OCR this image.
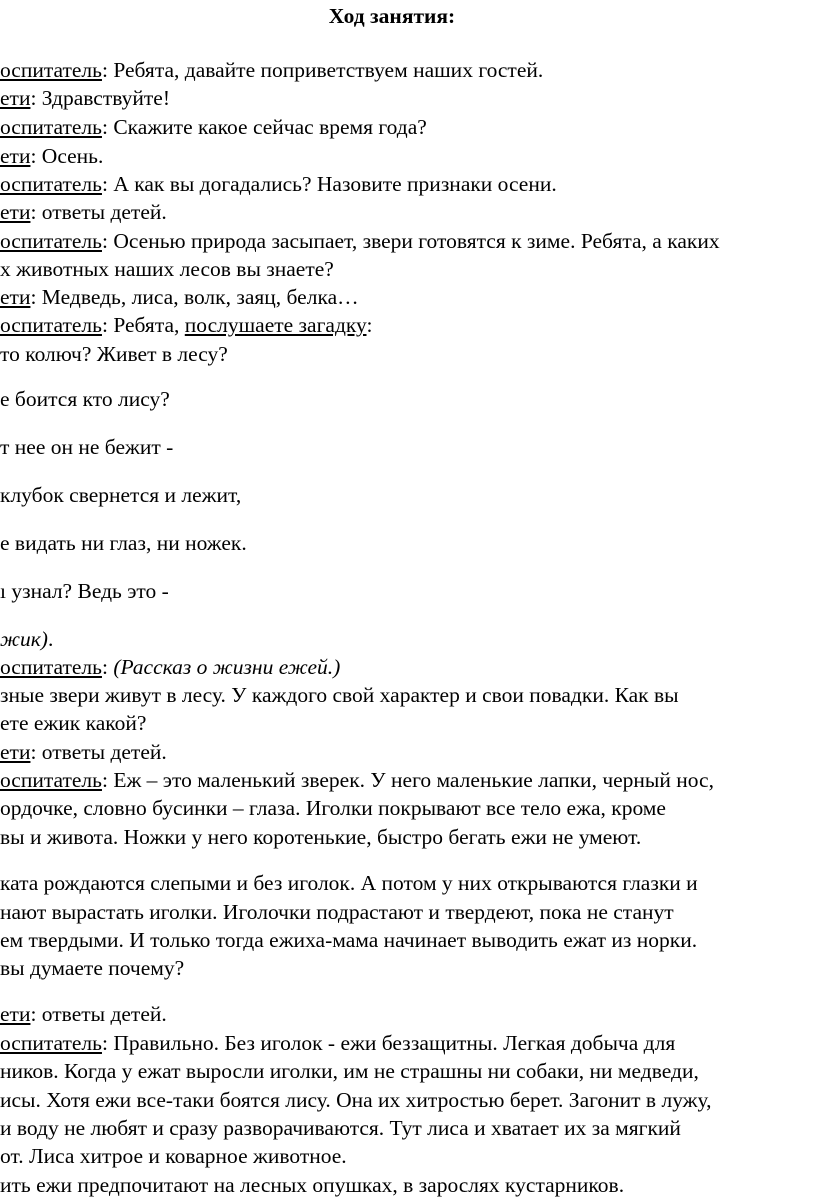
Ход занятия:
оспитатель: Ребята, давайте поприветствуем наших гостей.
ети: Здравствуйте!
оспитатель: Скажите какое сейчас время года?
ети: Осень.
оспитатель: А как вы догадались? Назовите признаки осени.
ети: ответы детей.
оспитатель: Осенью природа засыпает, звери готовятся к зиме. Ребята, а каких
х животных наших лесов вы знаете?
ети: Медведь, лиса, волк, заяц, белка…
оспитатель: Ребята, послушаете загадку:
то колюч? Живет в лесу?
е боится кто лису?
т нее он не бежит -
клубок свернется и лежит,
е видать ни глаз, ни ножек.
ı узнал? Ведь это -
жик).
оспитатель: (Рассказ о жизни ежей.)
зные звери живут в лесу. У каждого свой характер и свои повадки. Как вы
ете ежик какой?
ети: ответы детей.
оспитатель: Еж – это маленький зверек. У него маленькие лапки, черный нос,
ордочке, словно бусинки – глаза. Иголки покрывают все тело ежа, кроме
вы и живота. Ножки у него коротенькие, быстро бегать ежи не умеют.
ката рождаются слепыми и без иголок. А потом у них открываются глазки и
нают вырастать иголки. Иголочки подрастают и твердеют, пока не станут
ем твердыми. И только тогда ежиха-мама начинает выводить ежат из норки.
вы думаете почему?
ети: ответы детей.
оспитатель: Правильно. Без иголок - ежи беззащитны. Легкая добыча для
ников. Когда у ежат выросли иголки, им не страшны ни собаки, ни медведи,
исы. Хотя ежи все-таки боятся лису. Она их хитростью берет. Загонит в лужу,
и воду не любят и сразу разворачиваются. Тут лиса и хватает их за мягкий
от. Лиса хитрое и коварное животное.
ить ежи предпочитают на лесных опушках, в зарослях кустарников.
